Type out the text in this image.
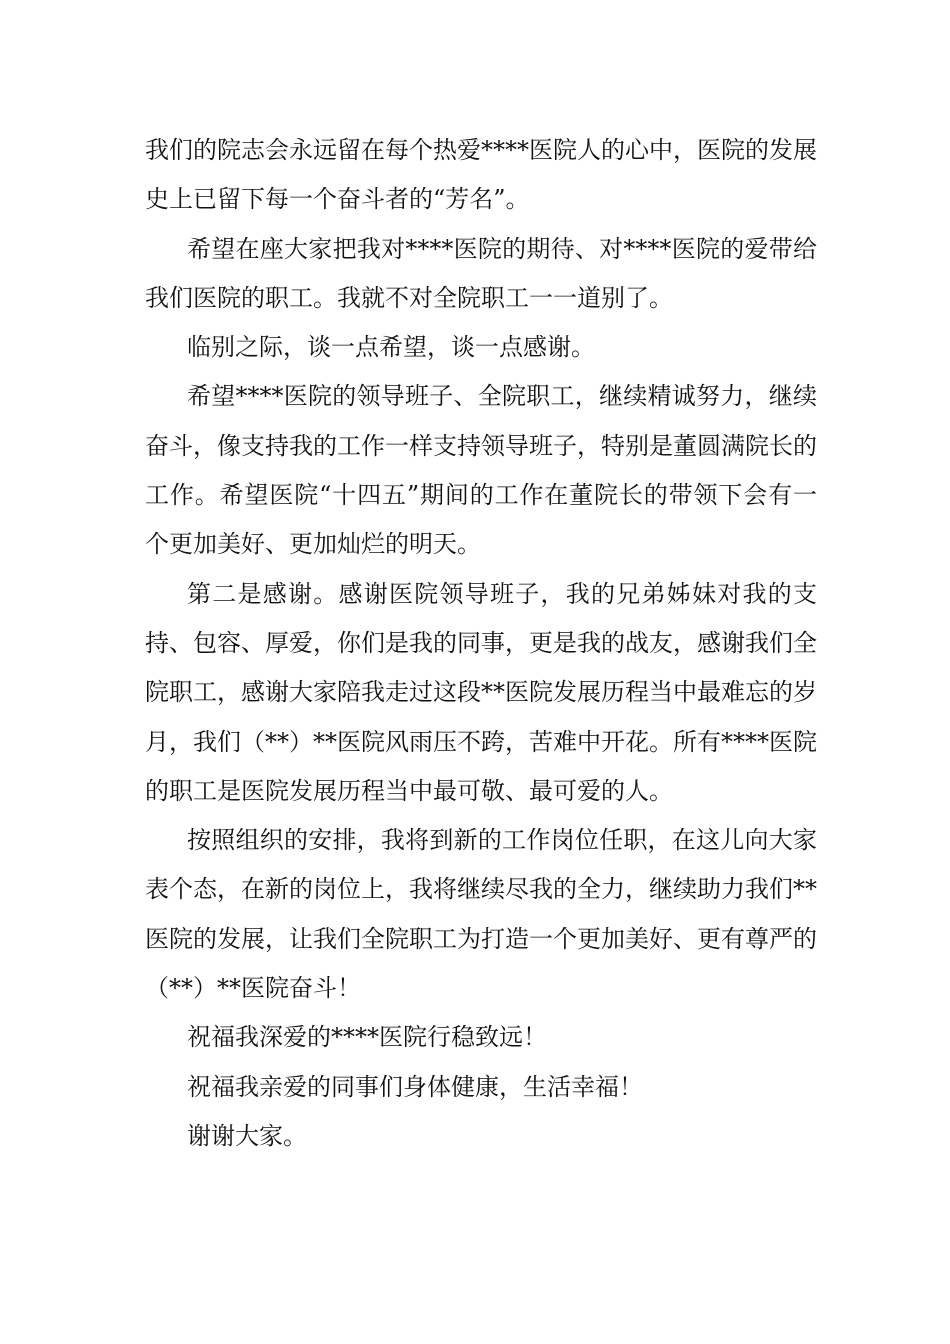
我们的院志会永远留在每个热爱****医院人的心中，医院的发展史上已留下每一个奋斗者的“芳名”。

希望在座大家把我对****医院的期待、对****医院的爱带给我们医院的职工。我就不对全院职工一一道别了。

临别之际，谈一点希望，谈一点感谢。

希望****医院的领导班子、全院职工，继续精诚努力，继续奋斗，像支持我的工作一样支持领导班子，特别是董圆满院长的工作。希望医院“十四五”期间的工作在董院长的带领下会有一个更加美好、更加灿烂的明天。

第二是感谢。感谢医院领导班子，我的兄弟姊妹对我的支持、包容、厚爱，你们是我的同事，更是我的战友，感谢我们全院职工，感谢大家陪我走过这段**医院发展历程当中最难忘的岁月，我们（**）**医院风雨压不跨，苦难中开花。所有****医院的职工是医院发展历程当中最可敬、最可爱的人。

按照组织的安排，我将到新的工作岗位任职，在这儿向大家表个态，在新的岗位上，我将继续尽我的全力，继续助力我们**医院的发展，让我们全院职工为打造一个更加美好、更有尊严的（**）**医院奋斗！

祝福我深爱的****医院行稳致远！

祝福我亲爱的同事们身体健康，生活幸福！

谢谢大家。
